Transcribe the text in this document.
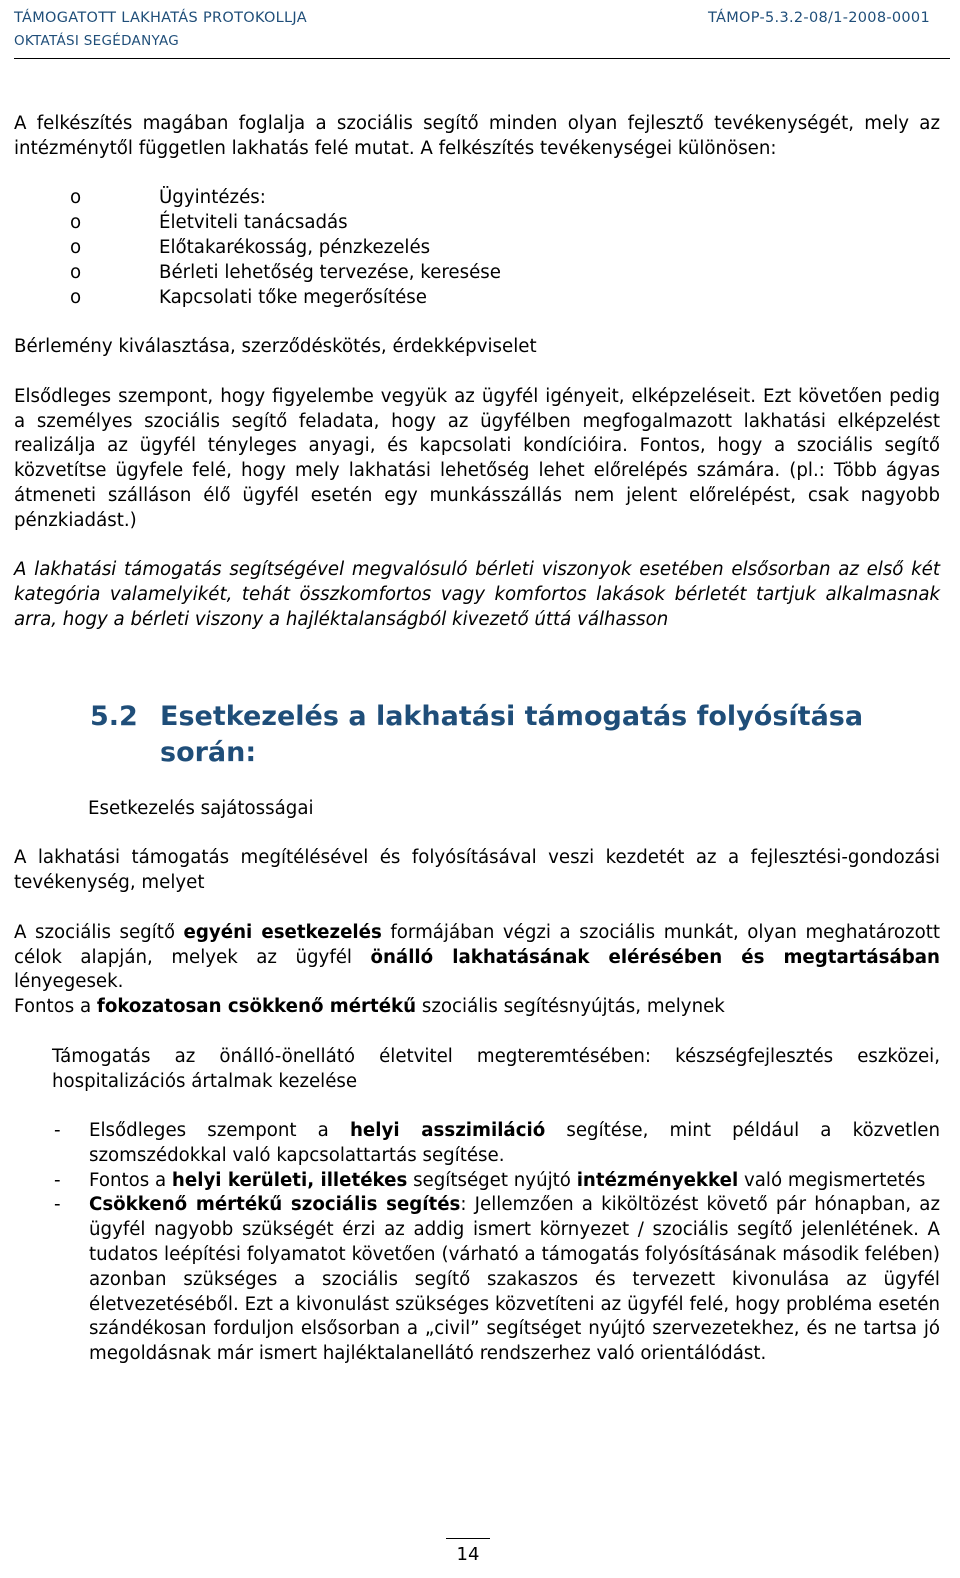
TÁMOGATOTT LAKHATÁS PROTOKOLLJA
OKTATÁSI SEGÉDANYAG
TÁMOP-5.3.2-08/1-2008-0001

A felkészítés magában foglalja a szociális segítő minden olyan fejlesztő tevékenységét, mely az intézménytől független lakhatás felé mutat. A felkészítés tevékenységei különösen:

o	Ügyintézés:
o	Életviteli tanácsadás
o	Előtakarékosság, pénzkezelés
o	Bérleti lehetőség tervezése, keresése
o	Kapcsolati tőke megerősítése

Bérlemény kiválasztása, szerződéskötés, érdekképviselet

Elsődleges szempont, hogy figyelembe vegyük az ügyfél igényeit, elképzeléseit. Ezt követően pedig a személyes szociális segítő feladata, hogy az ügyfélben megfogalmazott lakhatási elképzelést realizálja az ügyfél tényleges anyagi, és kapcsolati kondícióira. Fontos, hogy a szociális segítő közvetítse ügyfele felé, hogy mely lakhatási lehetőség lehet előrelépés számára. (pl.: Több ágyas átmeneti szálláson élő ügyfél esetén egy munkásszállás nem jelent előrelépést, csak nagyobb pénzkiadást.)

A lakhatási támogatás segítségével megvalósuló bérleti viszonyok esetében elsősorban az első két kategória valamelyikét, tehát összkomfortos vagy komfortos lakások bérletét tartjuk alkalmasnak arra, hogy a bérleti viszony a hajléktalanságból kivezető úttá válhasson

5.2 Esetkezelés a lakhatási támogatás folyósítása során:

Esetkezelés sajátosságai

A lakhatási támogatás megítélésével és folyósításával veszi kezdetét az a fejlesztési-gondozási tevékenység, melyet

A szociális segítő egyéni esetkezelés formájában végzi a szociális munkát, olyan meghatározott célok alapján, melyek az ügyfél önálló lakhatásának elérésében és megtartásában lényegesek.

Fontos a fokozatosan csökkenő mértékű szociális segítésnyújtás, melynek

Támogatás az önálló-önellátó életvitel megteremtésében: készségfejlesztés eszközei, hospitalizációs ártalmak kezelése

- Elsődleges szempont a helyi asszimiláció segítése, mint például a közvetlen szomszédokkal való kapcsolattartás segítése.
- Fontos a helyi kerületi, illetékes segítséget nyújtó intézményekkel való megismertetés
- Csökkenő mértékű szociális segítés: Jellemzően a kiköltözést követő pár hónapban, az ügyfél nagyobb szükségét érzi az addig ismert környezet / szociális segítő jelenlétének. A tudatos leépítési folyamatot követően (várható a támogatás folyósításának második felében) azonban szükséges a szociális segítő szakaszos és tervezett kivonulása az ügyfél életvezetéséből. Ezt a kivonulást szükséges közvetíteni az ügyfél felé, hogy probléma esetén szándékosan forduljon elsősorban a „civil” segítséget nyújtó szervezetekhez, és ne tartsa jó megoldásnak már ismert hajléktalanellátó rendszerhez való orientálódást.
14
